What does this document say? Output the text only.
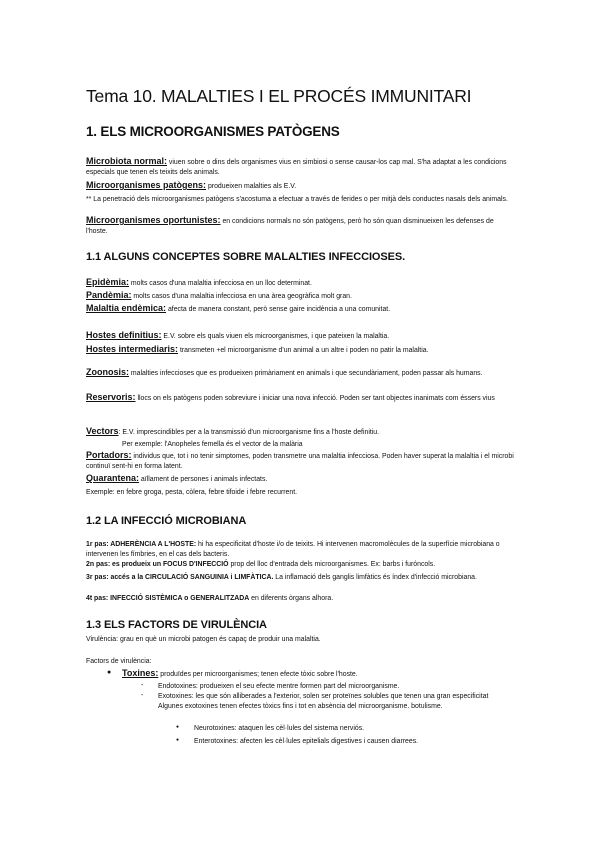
Tema 10. MALALTIES I EL PROCÉS IMMUNITARI
1. ELS MICROORGANISMES PATÒGENS
Microbiota normal: viuen sobre o dins dels organismes vius en simbiosi o sense causar-los cap mal. S'ha adaptat a les condicions especials que tenen els teixits dels animals.
Microorganismes patògens: produeixen malalties als E.V.
** La penetració dels microorganismes patògens s'acostuma a efectuar a través de ferides o per mitjà dels conductes nasals dels animals.
Microorganismes oportunistes: en condicions normals no són patògens, però ho són quan disminueixen les defenses de l'hoste.
1.1 ALGUNS CONCEPTES SOBRE MALALTIES INFECCIOSES.
Epidèmia: molts casos d'una malaltia infecciosa en un lloc determinat.
Pandèmia: molts casos d'una malaltia infecciosa en una àrea geogràfica molt gran.
Malaltia endèmica: afecta de manera constant, però sense gaire incidència a una comunitat.
Hostes definitius: E.V. sobre els quals viuen els microorganismes, i que pateixen la malaltia.
Hostes intermediaris: transmeten +el microorganisme d'un animal a un altre i poden no patir la malaltia.
Zoonosis: malalties infeccioses que es produeixen primàriament en animals i que secundàriament, poden passar als humans.
Reservoris: llocs on els patògens poden sobreviure i iniciar una nova infecció. Poden ser tant objectes inanimats com éssers vius
Vectors: E.V. imprescindibles per a la transmissió d'un microorganisme fins a l'hoste definitiu.
Per exemple: l'Anopheles femella és el vector de la malària
Portadors: individus que, tot i no tenir simptomes, poden transmetre una malaltia infecciosa. Poden haver superat la malaltia i el microbi continuï sent-hi en forma latent.
Quarantena: aïllament de persones i animals infectats.
Exemple: en febre groga, pesta, còlera, febre tifoide i febre recurrent.
1.2 LA INFECCIÓ MICROBIANA
1r pas: ADHERÈNCIA A L'HOSTE: hi ha especificitat d'hoste i/o de teixits. Hi intervenen macromolècules de la superfície microbiana o intervenen les fímbries, en el cas dels bacteris.
2n pas: es produeix un FOCUS D'INFECCIÓ prop del lloc d'entrada dels microorganismes. Ex: barbs i furóncols.
3r pas: accés a la CIRCULACIÓ SANGUINIA i LIMFÀTICA. La inflamació dels ganglis limfàtics és índex d'infecció microbiana.
4t pas: INFECCIÓ SISTÈMICA o GENERALITZADA en diferents òrgans alhora.
1.3 ELS FACTORS DE VIRULÈNCIA
Virulència: grau en què un microbi patogen és capaç de produir una malaltia.
Factors de virulència:
● Toxines: produïdes per microorganismes; tenen efecte tòxic sobre l'hoste.
- Endotoxines: produeixen el seu efecte mentre formen part del microorganisme.
- Exotoxines: les que són alliberades a l'exterior, solen ser proteïnes solubles que tenen una gran especificitat Algunes exotoxines tenen efectes tòxics fins i tot en absència del microorganisme. botulisme.
● Neurotoxines: ataquen les cèl·lules del sistema nerviós.
● Enterotoxines: afecten les cèl·lules epitelials digestives i causen diarrees.
